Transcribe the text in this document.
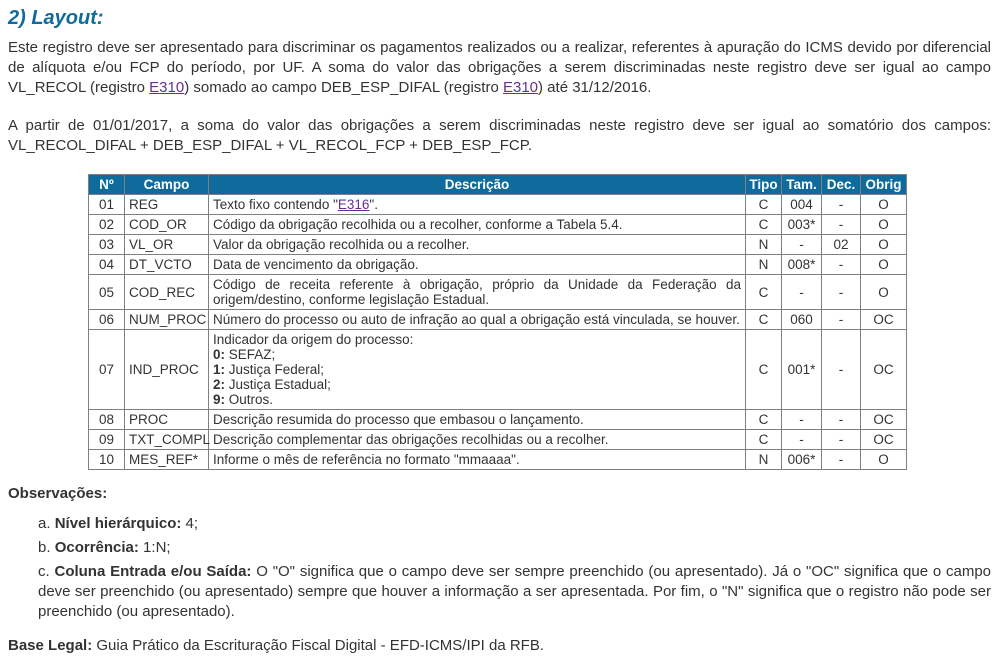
2) Layout:

Este registro deve ser apresentado para discriminar os pagamentos realizados ou a realizar, referentes à apuração do ICMS devido por diferencial de alíquota e/ou FCP do período, por UF. A soma do valor das obrigações a serem discriminadas neste registro deve ser igual ao campo VL_RECOL (registro E310) somado ao campo DEB_ESP_DIFAL (registro E310) até 31/12/2016.

A partir de 01/01/2017, a soma do valor das obrigações a serem discriminadas neste registro deve ser igual ao somatório dos campos: VL_RECOL_DIFAL + DEB_ESP_DIFAL + VL_RECOL_FCP + DEB_ESP_FCP.

Nº	Campo	Descrição	Tipo	Tam.	Dec.	Obrig
01	REG	Texto fixo contendo "E316".	C	004	-	O
02	COD_OR	Código da obrigação recolhida ou a recolher, conforme a Tabela 5.4.	C	003*	-	O
03	VL_OR	Valor da obrigação recolhida ou a recolher.	N	-	02	O
04	DT_VCTO	Data de vencimento da obrigação.	N	008*	-	O
05	COD_REC	Código de receita referente à obrigação, próprio da Unidade da Federação da origem/destino, conforme legislação Estadual.	C	-	-	O
06	NUM_PROC	Número do processo ou auto de infração ao qual a obrigação está vinculada, se houver.	C	060	-	OC
07	IND_PROC	Indicador da origem do processo:
0: SEFAZ;
1: Justiça Federal;
2: Justiça Estadual;
9: Outros.	C	001*	-	OC
08	PROC	Descrição resumida do processo que embasou o lançamento.	C	-	-	OC
09	TXT_COMPL	Descrição complementar das obrigações recolhidas ou a recolher.	C	-	-	OC
10	MES_REF*	Informe o mês de referência no formato "mmaaaa".	N	006*	-	O
Observações:
Nível hierárquico: 4;
Ocorrência: 1:N;
Coluna Entrada e/ou Saída: O "O" significa que o campo deve ser sempre preenchido (ou apresentado). Já o "OC" significa que o campo deve ser preenchido (ou apresentado) sempre que houver a informação a ser apresentada. Por fim, o "N" significa que o registro não pode ser preenchido (ou apresentado).

Base Legal: Guia Prático da Escrituração Fiscal Digital - EFD-ICMS/IPI da RFB.
